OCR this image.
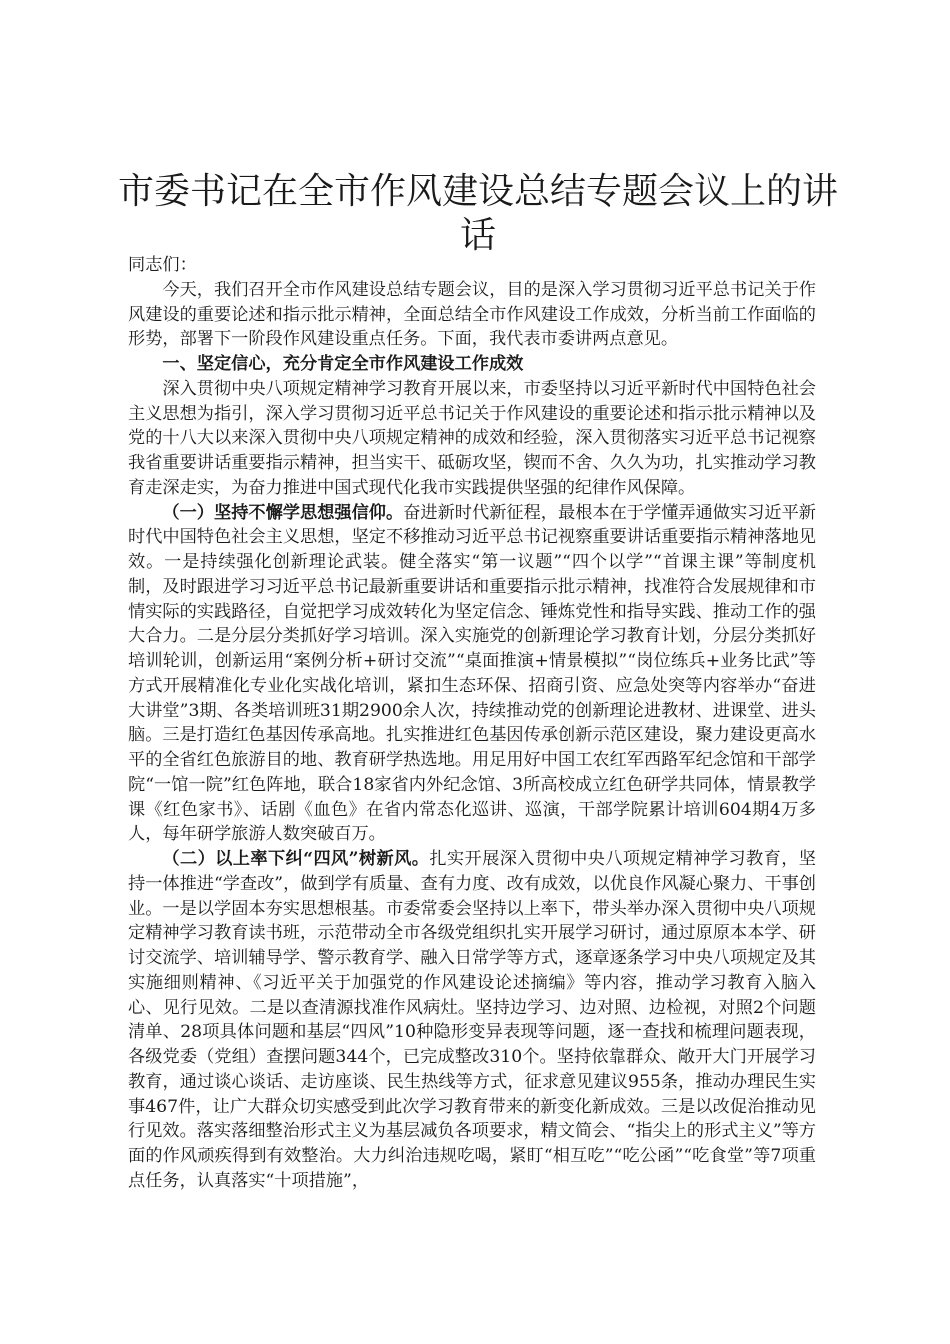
市委书记在全市作风建设总结专题会议上的讲话

同志们：

今天，我们召开全市作风建设总结专题会议，目的是深入学习贯彻习近平总书记关于作风建设的重要论述和指示批示精神，全面总结全市作风建设工作成效，分析当前工作面临的形势，部署下一阶段作风建设重点任务。下面，我代表市委讲两点意见。

一、坚定信心，充分肯定全市作风建设工作成效

深入贯彻中央八项规定精神学习教育开展以来，市委坚持以习近平新时代中国特色社会主义思想为指引，深入学习贯彻习近平总书记关于作风建设的重要论述和指示批示精神以及党的十八大以来深入贯彻中央八项规定精神的成效和经验，深入贯彻落实习近平总书记视察我省重要讲话重要指示精神，担当实干、砥砺攻坚，锲而不舍、久久为功，扎实推动学习教育走深走实，为奋力推进中国式现代化我市实践提供坚强的纪律作风保障。

（一）坚持不懈学思想强信仰。奋进新时代新征程，最根本在于学懂弄通做实习近平新时代中国特色社会主义思想，坚定不移推动习近平总书记视察重要讲话重要指示精神落地见效。一是持续强化创新理论武装。健全落实“第一议题”“四个以学”“首课主课”等制度机制，及时跟进学习习近平总书记最新重要讲话和重要指示批示精神，找准符合发展规律和市情实际的实践路径，自觉把学习成效转化为坚定信念、锤炼党性和指导实践、推动工作的强大合力。二是分层分类抓好学习培训。深入实施党的创新理论学习教育计划，分层分类抓好培训轮训，创新运用“案例分析+研讨交流”“桌面推演+情景模拟”“岗位练兵+业务比武”等方式开展精准化专业化实战化培训，紧扣生态环保、招商引资、应急处突等内容举办“奋进大讲堂”3期、各类培训班31期2900余人次，持续推动党的创新理论进教材、进课堂、进头脑。三是打造红色基因传承高地。扎实推进红色基因传承创新示范区建设，聚力建设更高水平的全省红色旅游目的地、教育研学热选地。用足用好中国工农红军西路军纪念馆和干部学院“一馆一院”红色阵地，联合18家省内外纪念馆、3所高校成立红色研学共同体，情景教学课《红色家书》、话剧《血色》在省内常态化巡讲、巡演，干部学院累计培训604期4万多人，每年研学旅游人数突破百万。

（二）以上率下纠“四风”树新风。扎实开展深入贯彻中央八项规定精神学习教育，坚持一体推进“学查改”，做到学有质量、查有力度、改有成效，以优良作风凝心聚力、干事创业。一是以学固本夯实思想根基。市委常委会坚持以上率下，带头举办深入贯彻中央八项规定精神学习教育读书班，示范带动全市各级党组织扎实开展学习研讨，通过原原本本学、研讨交流学、培训辅导学、警示教育学、融入日常学等方式，逐章逐条学习中央八项规定及其实施细则精神、《习近平关于加强党的作风建设论述摘编》等内容，推动学习教育入脑入心、见行见效。二是以查清源找准作风病灶。坚持边学习、边对照、边检视，对照2个问题清单、28项具体问题和基层“四风”10种隐形变异表现等问题，逐一查找和梳理问题表现，各级党委（党组）查摆问题344个，已完成整改310个。坚持依靠群众、敞开大门开展学习教育，通过谈心谈话、走访座谈、民生热线等方式，征求意见建议955条，推动办理民生实事467件，让广大群众切实感受到此次学习教育带来的新变化新成效。三是以改促治推动见行见效。落实落细整治形式主义为基层减负各项要求，精文简会、“指尖上的形式主义”等方面的作风顽疾得到有效整治。大力纠治违规吃喝，紧盯“相互吃”“吃公函”“吃食堂”等7项重点任务，认真落实“十项措施”，
